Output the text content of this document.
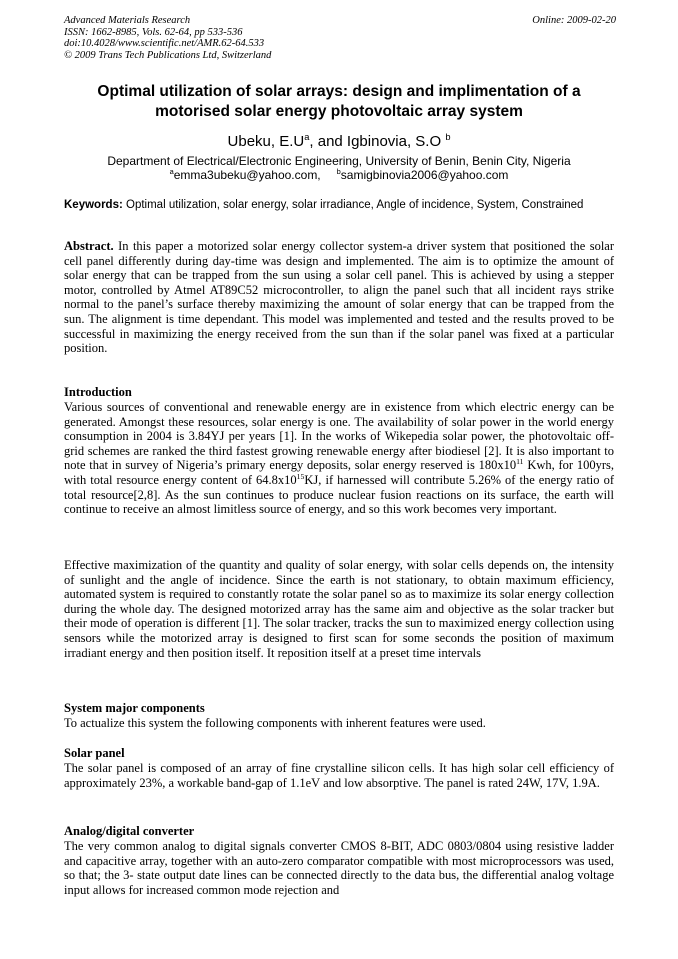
Advanced Materials Research
ISSN: 1662-8985, Vols. 62-64, pp 533-536
doi:10.4028/www.scientific.net/AMR.62-64.533
© 2009 Trans Tech Publications Ltd, Switzerland
Online: 2009-02-20
Optimal utilization of solar arrays: design and implimentation of a
motorised solar energy photovoltaic array system
Ubeku, $E.U^a$, and Igbinovia, S.O $^b$
Department of Electrical/Electronic Engineering, University of Benin, Benin City, Nigeria
$^a$emma3ubeku@yahoo.com, $^b$samigbinovia2006@yahoo.com
Keywords: Optimal utilization, solar energy, solar irradiance, Angle of incidence, System, Constrained
Abstract. In this paper a motorized solar energy collector system-a driver system that positioned the solar cell panel differently during day-time was design and implemented. The aim is to optimize the amount of solar energy that can be trapped from the sun using a solar cell panel. This is achieved by using a stepper motor, controlled by Atmel AT89C52 microcontroller, to align the panel such that all incident rays strike normal to the panel’s surface thereby maximizing the amount of solar energy that can be trapped from the sun. The alignment is time dependant. This model was implemented and tested and the results proved to be successful in maximizing the energy received from the sun than if the solar panel was fixed at a particular position.
Introduction
Various sources of conventional and renewable energy are in existence from which electric energy can be generated. Amongst these resources, solar energy is one. The availability of solar power in the world energy consumption in 2004 is 3.84YJ per years [1]. In the works of Wikepedia solar power, the photovoltaic off-grid schemes are ranked the third fastest growing renewable energy after biodiesel [2]. It is also important to note that in survey of Nigeria’s primary energy deposits, solar energy reserved is $180x10^{11}$ Kwh, for 100yrs, with total resource energy content of $64.8x10^{15}KJ$, if harnessed will contribute 5.26% of the energy ratio of total resource[2,8]. As the sun continues to produce nuclear fusion reactions on its surface, the earth will continue to receive an almost limitless source of energy, and so this work becomes very important.
Effective maximization of the quantity and quality of solar energy, with solar cells depends on, the intensity of sunlight and the angle of incidence. Since the earth is not stationary, to obtain maximum efficiency, automated system is required to constantly rotate the solar panel so as to maximize its solar energy collection during the whole day. The designed motorized array has the same aim and objective as the solar tracker but their mode of operation is different [1]. The solar tracker, tracks the sun to maximized energy collection using sensors while the motorized array is designed to first scan for some seconds the position of maximum irradiant energy and then position itself. It reposition itself at a preset time intervals
System major components
To actualize this system the following components with inherent features were used.
Solar panel
The solar panel is composed of an array of fine crystalline silicon cells. It has high solar cell efficiency of approximately 23%, a workable band-gap of 1.1eV and low absorptive. The panel is rated 24W, 17V, 1.9A.
Analog/digital converter
The very common analog to digital signals converter CMOS 8-BIT, ADC 0803/0804 using resistive ladder and capacitive array, together with an auto-zero comparator compatible with most microprocessors was used, so that; the 3- state output date lines can be connected directly to the data bus, the differential analog voltage input allows for increased common mode rejection and
